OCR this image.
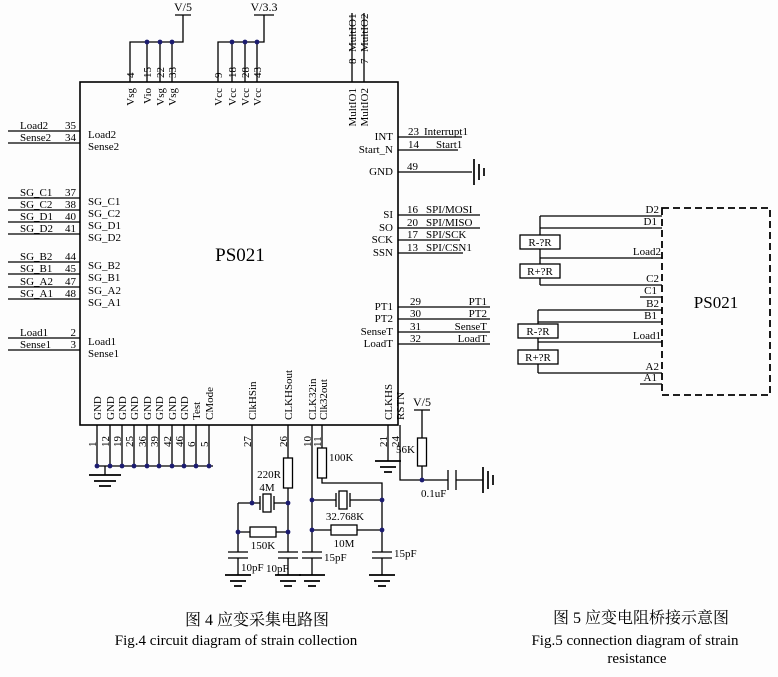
PS021
V/5
4 15 22 33
Vsg Vio Vsg Vsg
V/3.3
9 18 28 43
Vcc Vcc Vcc Vcc
8 7
MultIO1 MultIO2
MultIO1 MultIO2
Load2 35
Load2
Sense2 34
Sense2
SG_C1 37
SG_C1
SG_C2 38
SG_C2
SG_D1 40
SG_D1
SG_D2 41
SG_D2
SG_B2 44
SG_B2
SG_B1 45
SG_B1
SG_A2 47
SG_A2
SG_A1 48
SG_A1
Load1 2
Load1
Sense1 3
Sense1
INT 23 Interrupt1
Start_N 14 Start1
GND 49
SI 16 SPI/MOSI
SO 20 SPI/MISO
SCK 17 SPI/SCK
SSN 13 SPI/CSN1
PT1 29	PT1
PT2 30	PT2
SenseT 31	SenseT
LoadT 32	LoadT
1 12 19 25 36 39 42 46 6 5
GND GND GND GND GND GND GND GND Test CMode
27 26 10
11	21 24
ClkHSin CLKHSout CLK32in Clk32out	CLKHS RSTN
220R
4M
150K
10pF 10pF
100K
32.768K
10M
15pF	15pF
V/5
56K
0.1uF
PS021
R-?R
R+?R
R-?R
R+?R
D2
D1
Load2
C2
C1
B2
B1
Load1
A2
A1
图 4 应变采集电路图
Fig.4 circuit diagram of strain collection
图 5 应变电阻桥接示意图
Fig.5 connection diagram of strain
resistance
